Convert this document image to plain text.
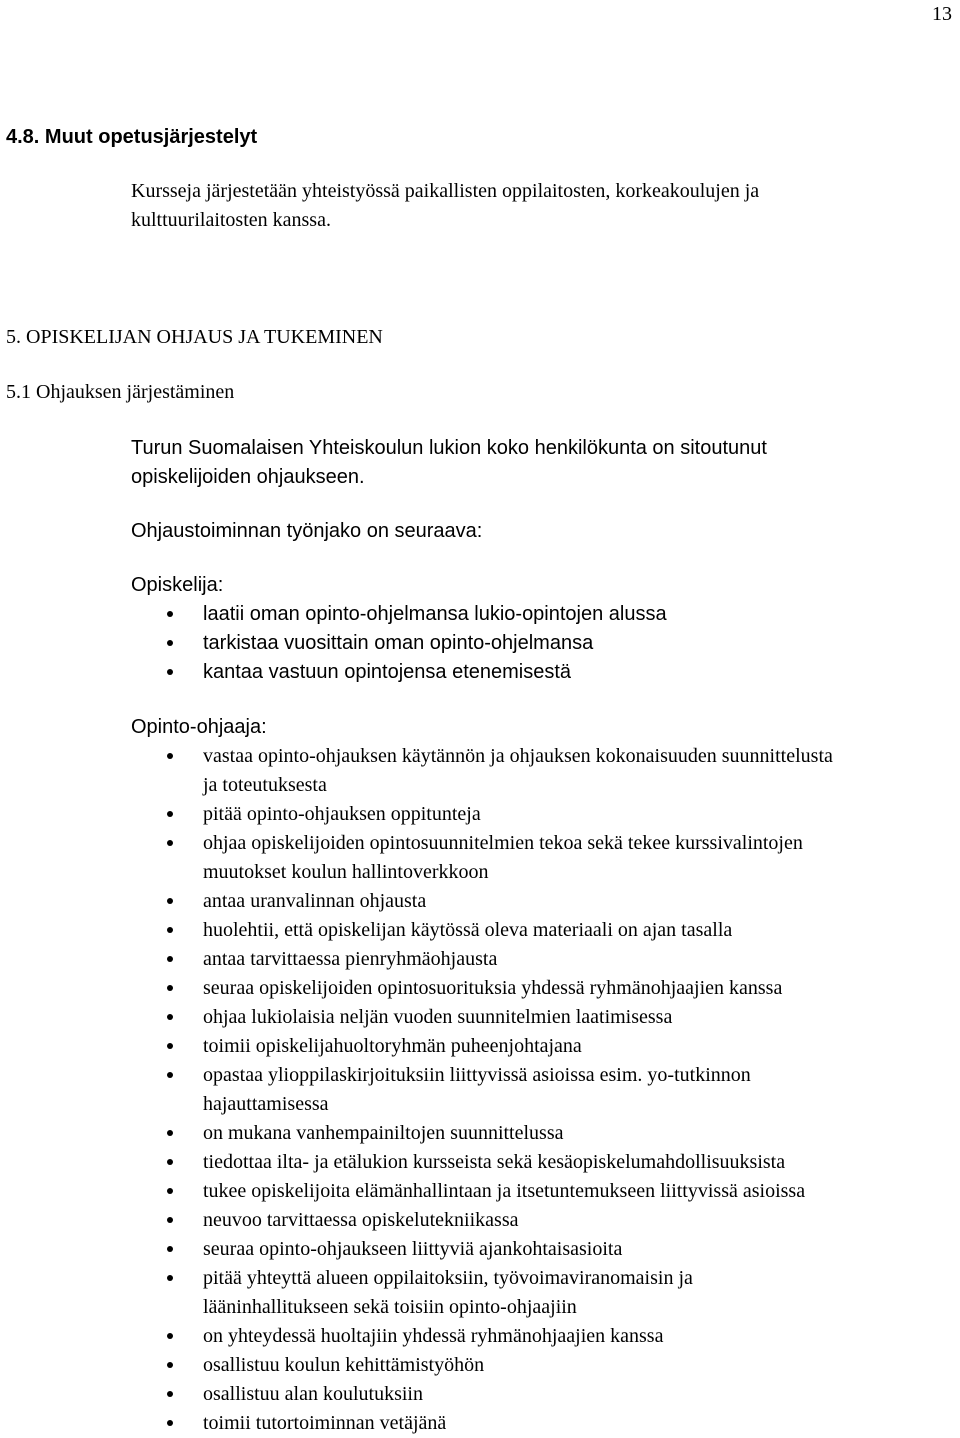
13
4.8. Muut opetusjärjestelyt
Kursseja järjestetään yhteistyössä paikallisten oppilaitosten, korkeakoulujen ja
kulttuurilaitosten kanssa.
5. OPISKELIJAN OHJAUS JA TUKEMINEN
5.1 Ohjauksen järjestäminen
Turun Suomalaisen Yhteiskoulun lukion koko henkilökunta on sitoutunut
opiskelijoiden ohjaukseen.
Ohjaustoiminnan työnjako on seuraava:
Opiskelija:
laatii oman opinto-ohjelmansa lukio-opintojen alussa
tarkistaa vuosittain oman opinto-ohjelmansa
kantaa vastuun opintojensa etenemisestä
Opinto-ohjaaja:
vastaa opinto-ohjauksen käytännön ja ohjauksen kokonaisuuden suunnittelusta
ja toteutuksesta
pitää opinto-ohjauksen oppitunteja
ohjaa opiskelijoiden opintosuunnitelmien tekoa sekä tekee kurssivalintojen
muutokset koulun hallintoverkkoon
antaa uranvalinnan ohjausta
huolehtii, että opiskelijan käytössä oleva materiaali on ajan tasalla
antaa tarvittaessa pienryhmäohjausta
seuraa opiskelijoiden opintosuorituksia yhdessä ryhmänohjaajien kanssa
ohjaa lukiolaisia neljän vuoden suunnitelmien laatimisessa
toimii opiskelijahuoltoryhmän puheenjohtajana
opastaa ylioppilaskirjoituksiin liittyvissä asioissa esim. yo-tutkinnon
hajauttamisessa
on mukana vanhempainiltojen suunnittelussa
tiedottaa ilta- ja etälukion kursseista sekä kesäopiskelumahdollisuuksista
tukee opiskelijoita elämänhallintaan ja itsetuntemukseen liittyvissä asioissa
neuvoo tarvittaessa opiskelutekniikassa
seuraa opinto-ohjaukseen liittyviä ajankohtaisasioita
pitää yhteyttä alueen oppilaitoksiin, työvoimaviranomaisin ja
lääninhallitukseen sekä toisiin opinto-ohjaajiin
on yhteydessä huoltajiin yhdessä ryhmänohjaajien kanssa
osallistuu koulun kehittämistyöhön
osallistuu alan koulutuksiin
toimii tutortoiminnan vetäjänä
